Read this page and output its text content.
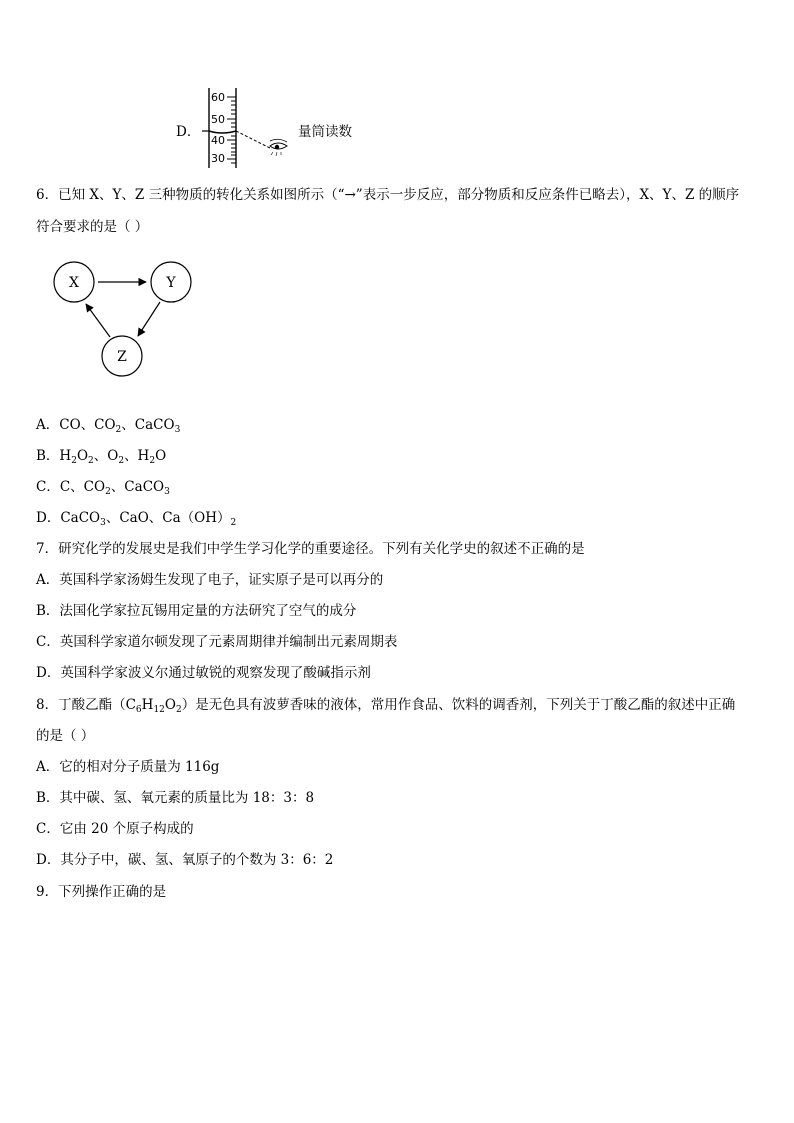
D．
60
50
40
30
量筒读数
6．已知 X、Y、Z 三种物质的转化关系如图所示（“→”表示一步反应，部分物质和反应条件已略去），X、Y、Z 的顺序
符合要求的是（ ）
X	Y
Z
A．CO、$CO_2$、CaCO$_3$
B．$H_2O_2$、$O_2$、$H_2O$
C．C、$CO_2$、CaCO$_3$
D．CaCO$_3$、CaO、$Ca(OH)_2$
7．研究化学的发展史是我们中学生学习化学的重要途径。下列有关化学史的叙述不正确的是
A．英国科学家汤姆生发现了电子，证实原子是可以再分的
B．法国化学家拉瓦锡用定量的方法研究了空气的成分
C．英国科学家道尔顿发现了元素周期律并编制出元素周期表
D．英国科学家波义尔通过敏锐的观察发现了酸碱指示剂
8．丁酸乙酯$(C_6H_{12}O_2)$是无色具有波萝香味的液体，常用作食品、饮料的调香剂，下列关于丁酸乙酯的叙述中正确
的是（ ）
A．它的相对分子质量为 116g
B．其中碳、氢、氧元素的质量比为 18：3：8
C．它由 20 个原子构成的
D．其分子中，碳、氢、氧原子的个数为 3：6：2
9．下列操作正确的是
